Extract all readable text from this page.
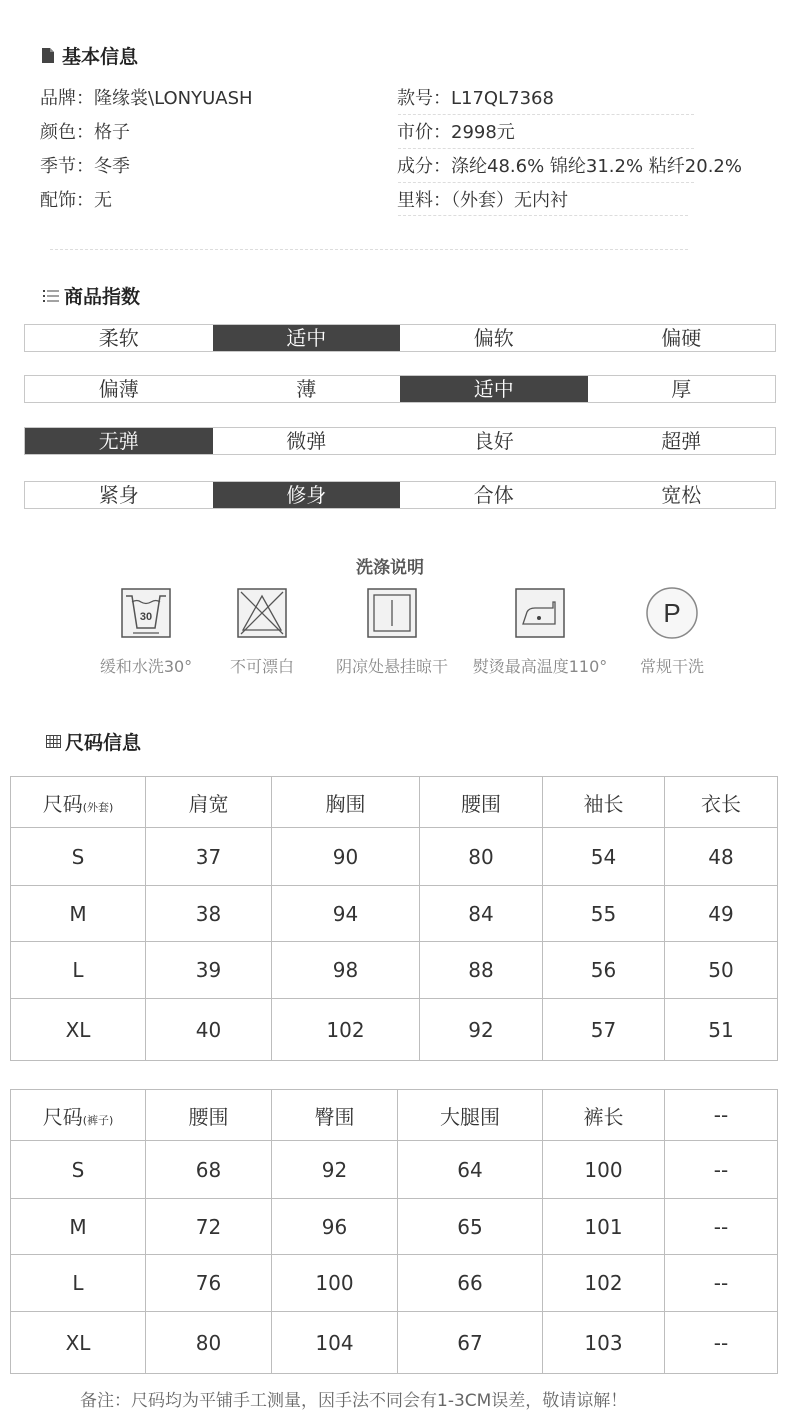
基本信息
品牌：隆缘裳\LONYUASH	款号：L17QL7368
颜色：格子	市价：2998元
季节：冬季	成分：涤纶48.6% 锦纶31.2% 粘纤20.2%
配饰：无	里料：（外套）无内衬
商品指数
柔软	适中	偏软	偏硬
偏薄	薄	适中	厚
无弹	微弹	良好	超弹
紧身	修身	合体	宽松
洗涤说明
30
缓和水洗30°	不可漂白	阴凉处悬挂晾干	熨烫最高温度110°
P
常规干洗
尺码信息
尺码(外套)	肩宽	胸围	腰围	袖长	衣长
S	37	90	80	54	48
M	38	94	84	55	49
L	39	98	88	56	50
XL	40	102	92	57	51
尺码(裤子)	腰围	臀围	大腿围	裤长	--
S	68	92	64	100	--
M	72	96	65	101	--
L	76	100	66	102	--
XL	80	104	67	103	--
备注：尺码均为平铺手工测量，因手法不同会有1-3CM误差，敬请谅解！
